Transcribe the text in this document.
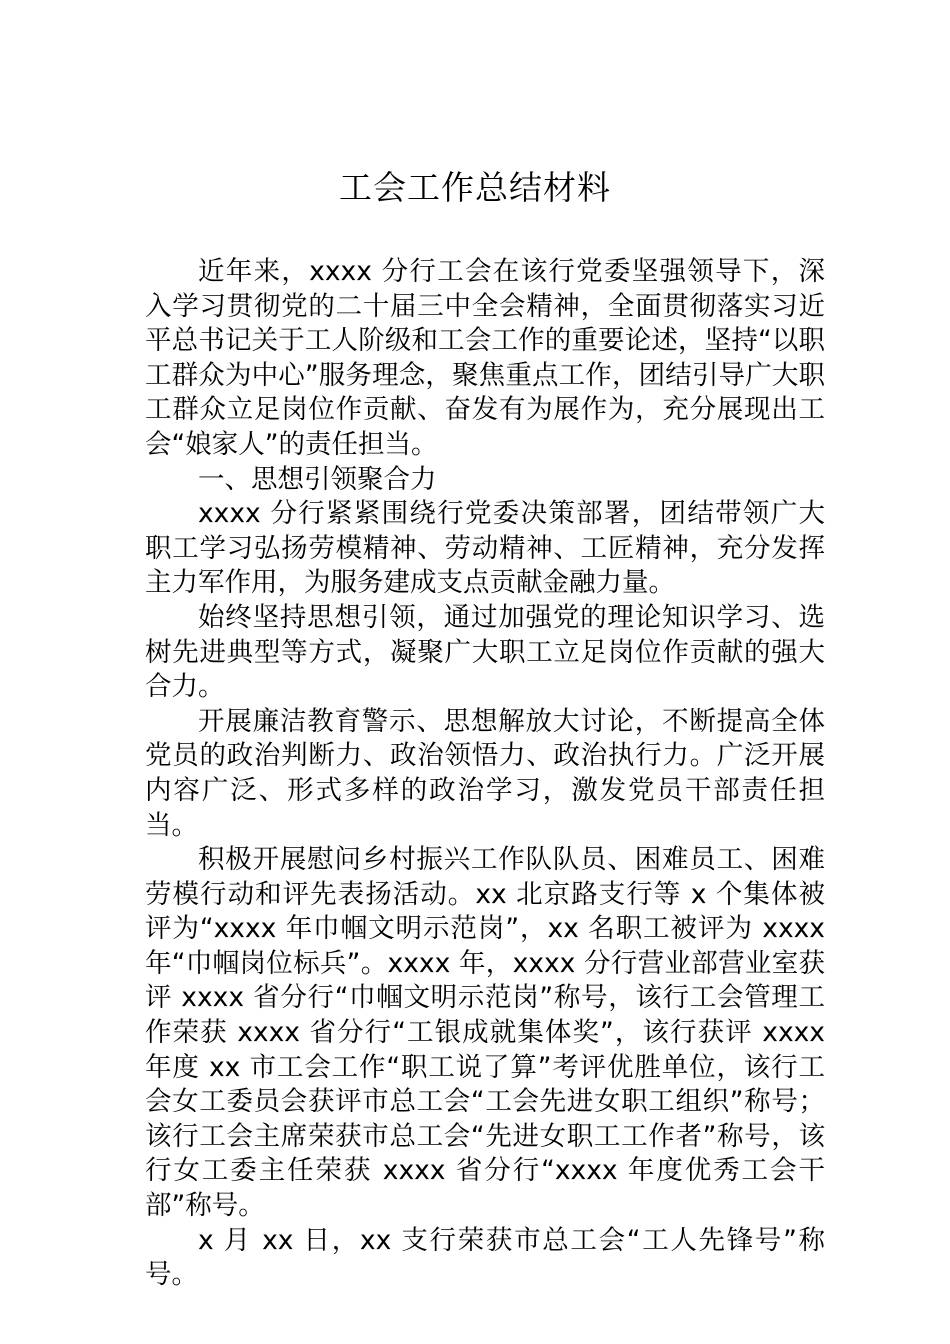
工会工作总结材料

近年来，xxxx 分行工会在该行党委坚强领导下，深入学习贯彻党的二十届三中全会精神，全面贯彻落实习近平总书记关于工人阶级和工会工作的重要论述，坚持“以职工群众为中心”服务理念，聚焦重点工作，团结引导广大职工群众立足岗位作贡献、奋发有为展作为，充分展现出工会“娘家人”的责任担当。

一、思想引领聚合力

xxxx 分行紧紧围绕行党委决策部署，团结带领广大职工学习弘扬劳模精神、劳动精神、工匠精神，充分发挥主力军作用，为服务建成支点贡献金融力量。

始终坚持思想引领，通过加强党的理论知识学习、选树先进典型等方式，凝聚广大职工立足岗位作贡献的强大合力。

开展廉洁教育警示、思想解放大讨论，不断提高全体党员的政治判断力、政治领悟力、政治执行力。广泛开展内容广泛、形式多样的政治学习，激发党员干部责任担当。

积极开展慰问乡村振兴工作队队员、困难员工、困难劳模行动和评先表扬活动。xx 北京路支行等 x 个集体被评为“xxxx 年巾帼文明示范岗”，xx 名职工被评为 xxxx 年“巾帼岗位标兵”。xxxx 年，xxxx 分行营业部营业室获评 xxxx 省分行“巾帼文明示范岗”称号，该行工会管理工作荣获 xxxx 省分行“工银成就集体奖”，该行获评 xxxx 年度 xx 市工会工作“职工说了算”考评优胜单位，该行工会女工委员会获评市总工会“工会先进女职工组织”称号；该行工会主席荣获市总工会“先进女职工工作者”称号，该行女工委主任荣获 xxxx 省分行“xxxx 年度优秀工会干部”称号。

x 月 xx 日，xx 支行荣获市总工会“工人先锋号”称号。
